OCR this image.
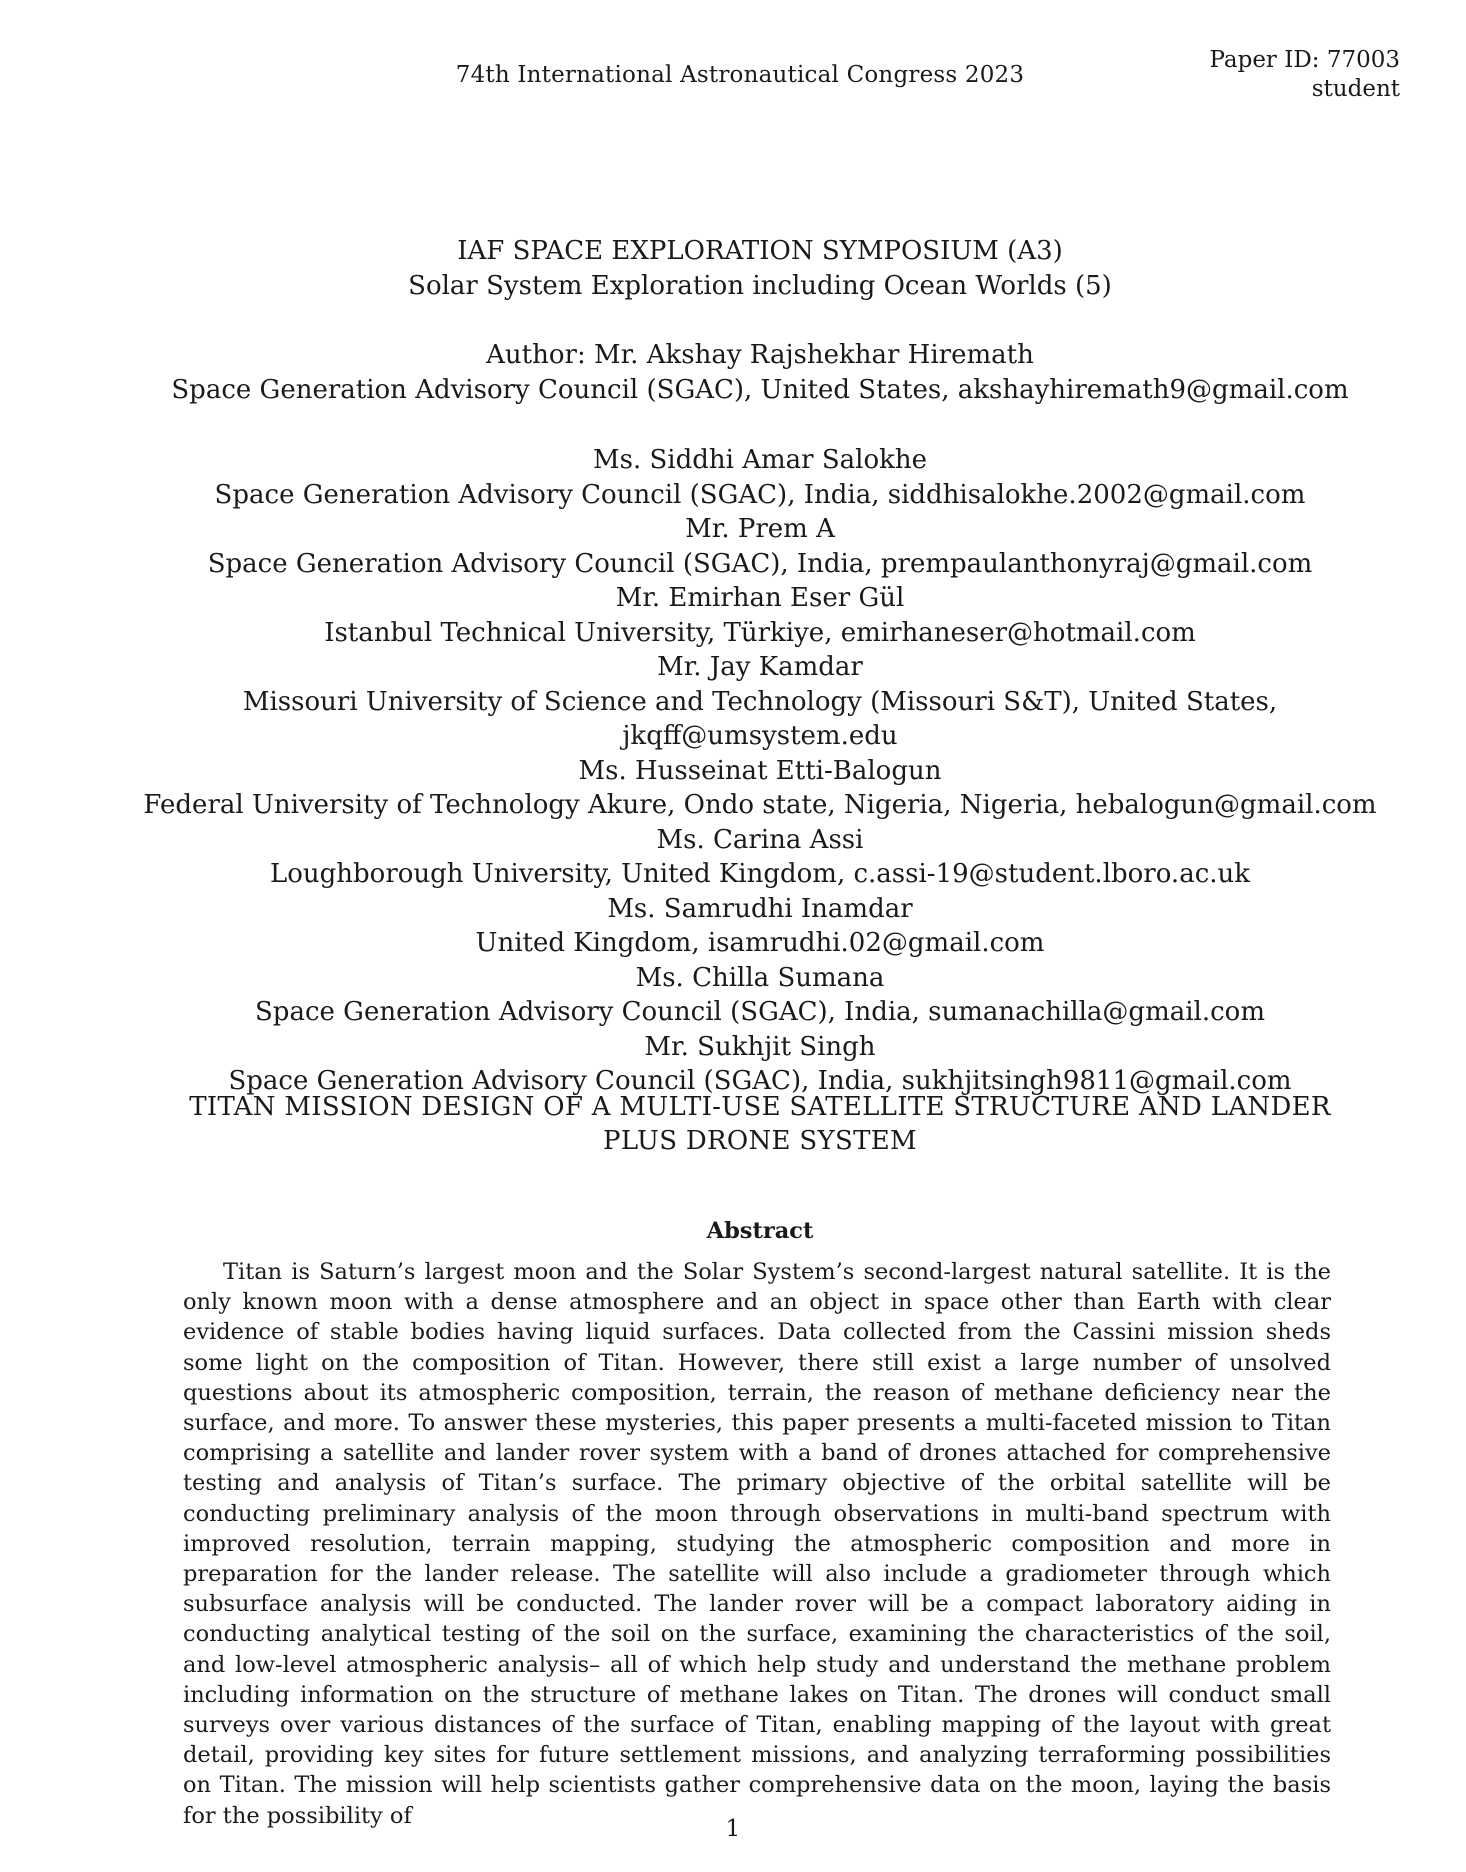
74th International Astronautical Congress 2023
Paper ID: 77003
student
IAF SPACE EXPLORATION SYMPOSIUM (A3)
Solar System Exploration including Ocean Worlds (5)
Author: Mr. Akshay Rajshekhar Hiremath
Space Generation Advisory Council (SGAC), United States, akshayhiremath9@gmail.com
Ms. Siddhi Amar Salokhe
Space Generation Advisory Council (SGAC), India, siddhisalokhe.2002@gmail.com
Mr. Prem A
Space Generation Advisory Council (SGAC), India, prempaulanthonyraj@gmail.com
Mr. Emirhan Eser Gül
Istanbul Technical University, Türkiye, emirhaneser@hotmail.com
Mr. Jay Kamdar
Missouri University of Science and Technology (Missouri S&T), United States, jkqff@umsystem.edu
Ms. Husseinat Etti-Balogun
Federal University of Technology Akure, Ondo state, Nigeria, Nigeria, hebalogun@gmail.com
Ms. Carina Assi
Loughborough University, United Kingdom, c.assi-19@student.lboro.ac.uk
Ms. Samrudhi Inamdar
United Kingdom, isamrudhi.02@gmail.com
Ms. Chilla Sumana
Space Generation Advisory Council (SGAC), India, sumanachilla@gmail.com
Mr. Sukhjit Singh
Space Generation Advisory Council (SGAC), India, sukhjitsingh9811@gmail.com
TITAN MISSION DESIGN OF A MULTI-USE SATELLITE STRUCTURE AND LANDER PLUS DRONE SYSTEM
Abstract

Titan is Saturn’s largest moon and the Solar System’s second-largest natural satellite. It is the only known moon with a dense atmosphere and an object in space other than Earth with clear evidence of stable bodies having liquid surfaces. Data collected from the Cassini mission sheds some light on the composition of Titan. However, there still exist a large number of unsolved questions about its atmospheric composition, terrain, the reason of methane deficiency near the surface, and more. To answer these mysteries, this paper presents a multi-faceted mission to Titan comprising a satellite and lander rover system with a band of drones attached for comprehensive testing and analysis of Titan’s surface. The primary objective of the orbital satellite will be conducting preliminary analysis of the moon through observations in multi-band spectrum with improved resolution, terrain mapping, studying the atmospheric composition and more in preparation for the lander release. The satellite will also include a gradiometer through which subsurface analysis will be conducted. The lander rover will be a compact laboratory aiding in conducting analytical testing of the soil on the surface, examining the characteristics of the soil, and low-level atmospheric analysis– all of which help study and understand the methane problem including information on the structure of methane lakes on Titan. The drones will conduct small surveys over various distances of the surface of Titan, enabling mapping of the layout with great detail, providing key sites for future settlement missions, and analyzing terraforming possibilities on Titan. The mission will help scientists gather comprehensive data on the moon, laying the basis for the possibility of

1
